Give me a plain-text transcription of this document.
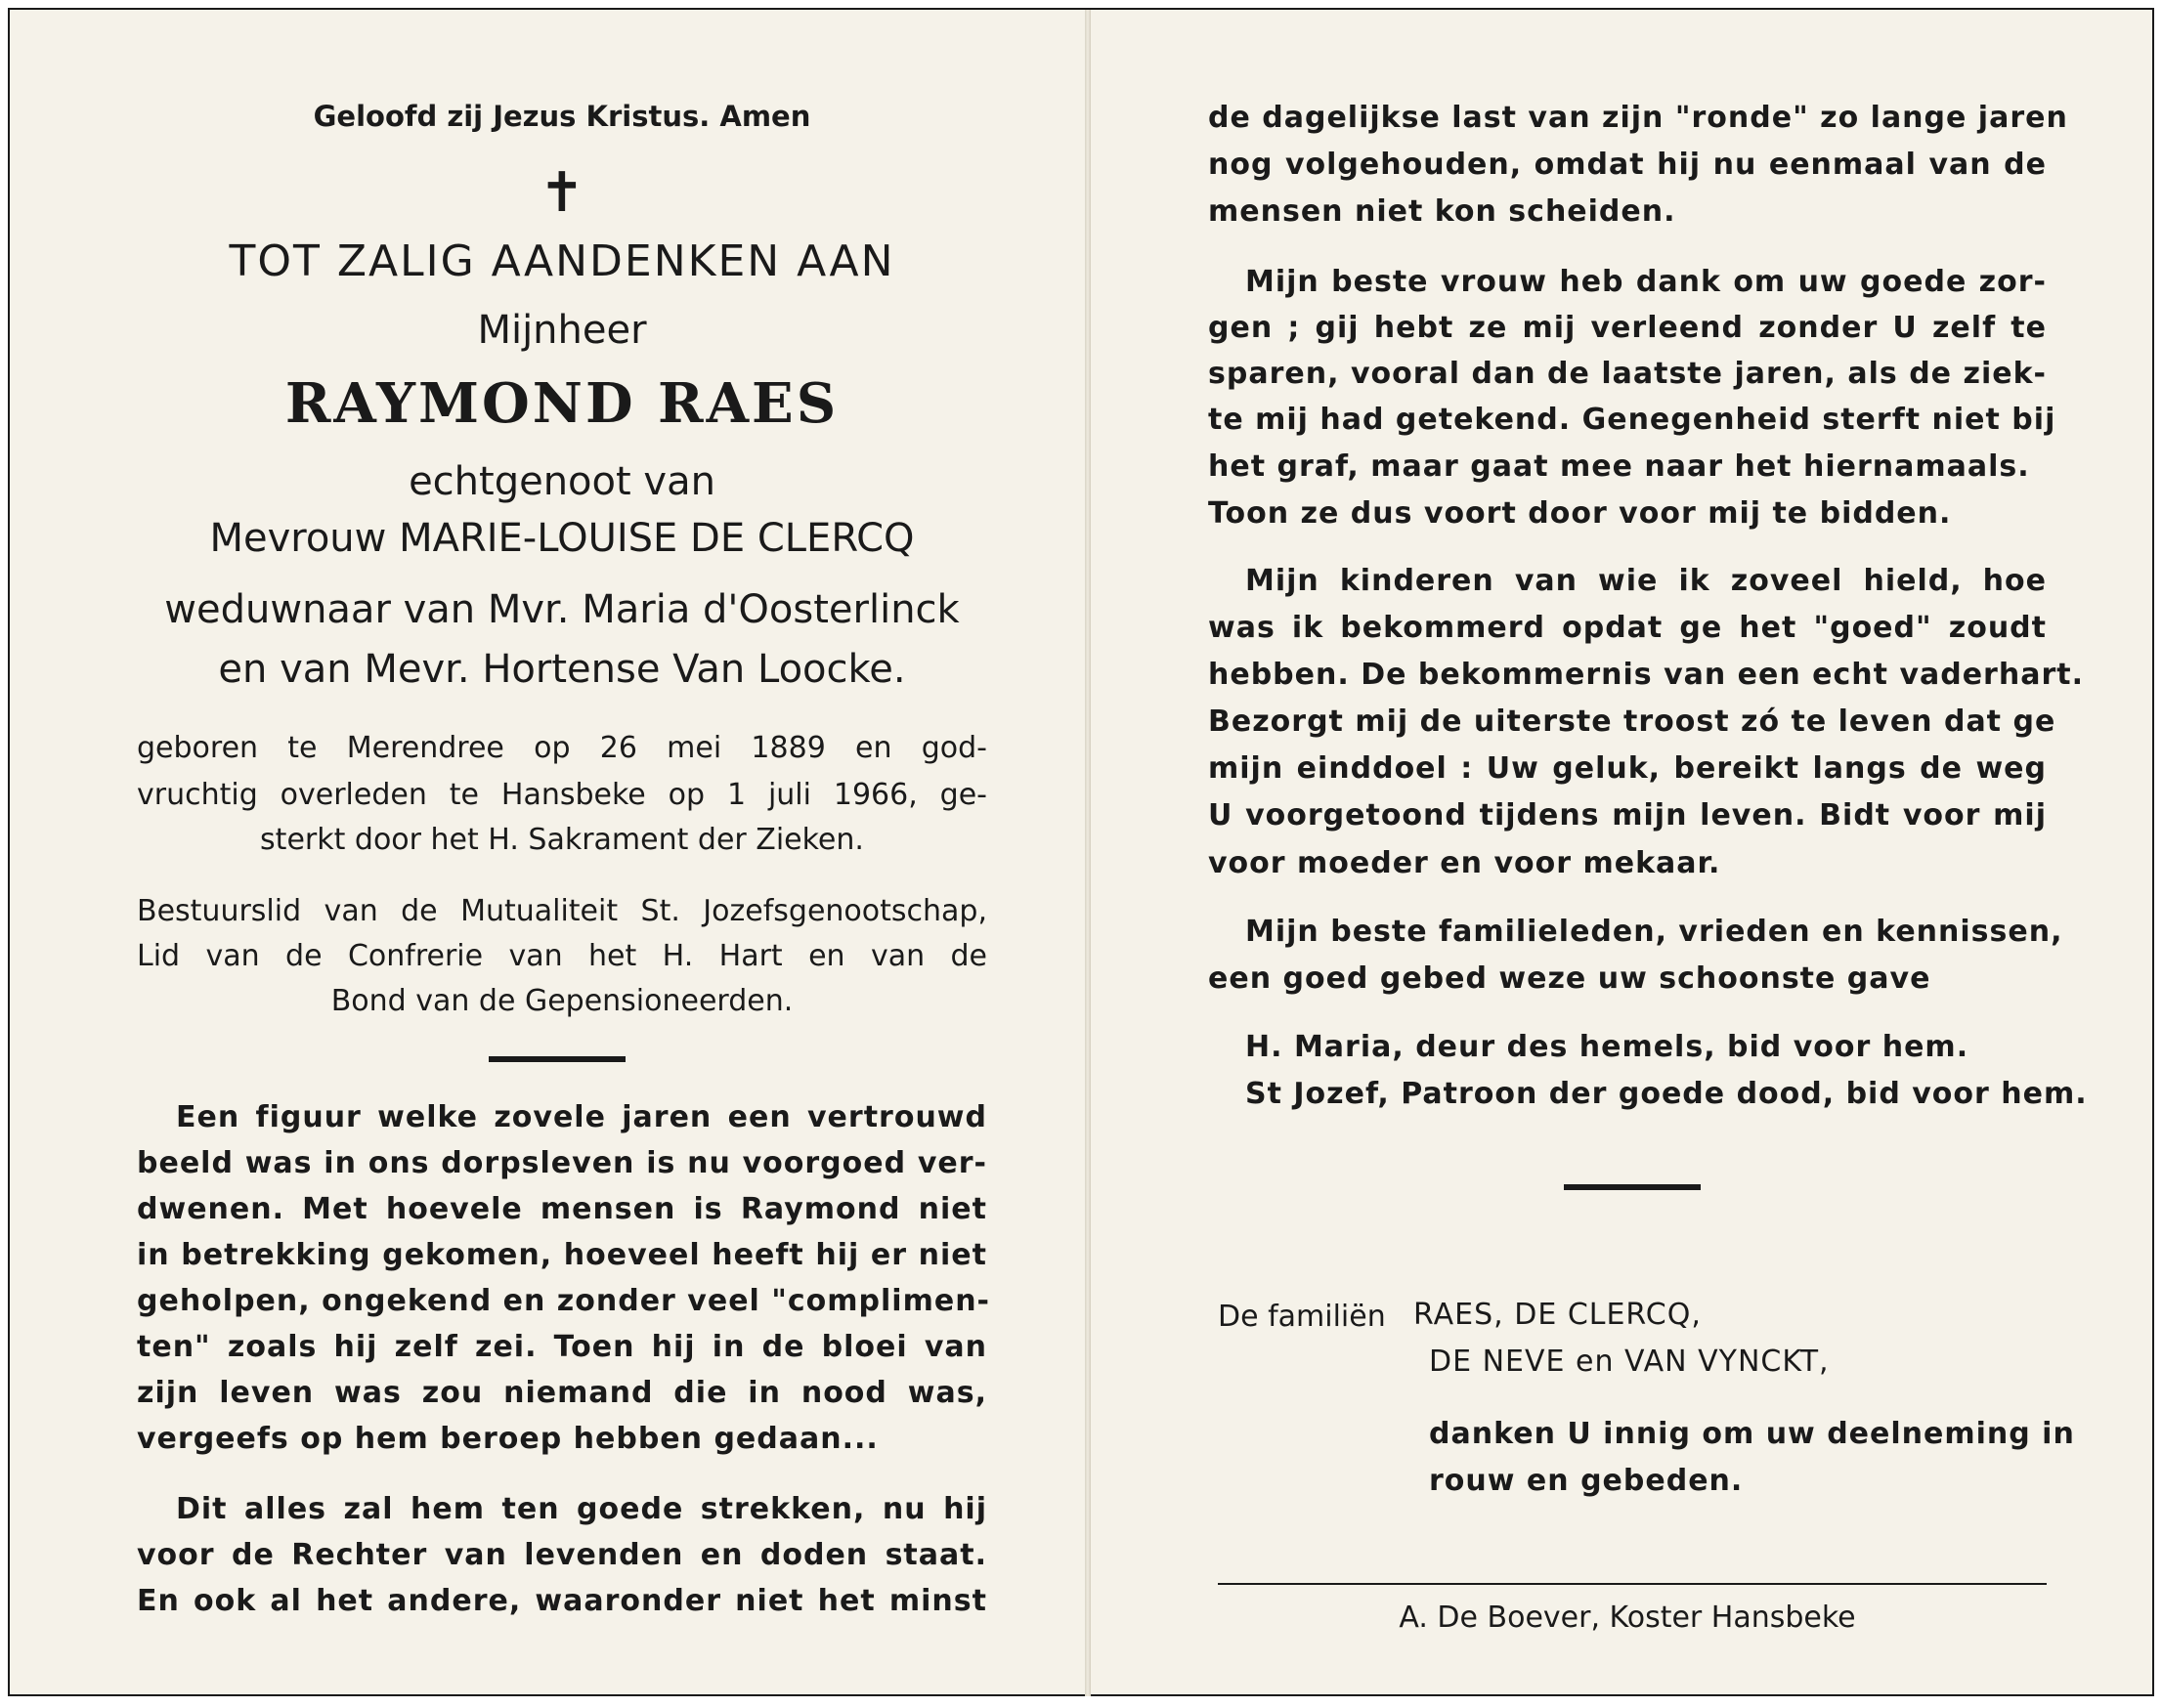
Geloofd zij Jezus Kristus. Amen
✝
TOT ZALIG AANDENKEN AAN
Mijnheer
RAYMOND RAES
echtgenoot van
Mevrouw MARIE-LOUISE DE CLERCQ
weduwnaar van Mvr. Maria d'Oosterlinck
en van Mevr. Hortense Van Loocke.
geboren te Merendree op 26 mei 1889 en god-
vruchtig overleden te Hansbeke op 1 juli 1966, ge-
sterkt door het H. Sakrament der Zieken.
Bestuurslid van de Mutualiteit St. Jozefsgenootschap,
Lid van de Confrerie van het H. Hart en van de
Bond van de Gepensioneerden.
Een figuur welke zovele jaren een vertrouwd
beeld was in ons dorpsleven is nu voorgoed ver-
dwenen. Met hoevele mensen is Raymond niet
in betrekking gekomen, hoeveel heeft hij er niet
geholpen, ongekend en zonder veel "complimen-
ten" zoals hij zelf zei. Toen hij in de bloei van
zijn leven was zou niemand die in nood was,
vergeefs op hem beroep hebben gedaan...
Dit alles zal hem ten goede strekken, nu hij
voor de Rechter van levenden en doden staat.
En ook al het andere, waaronder niet het minst
de dagelijkse last van zijn "ronde" zo lange jaren
nog volgehouden, omdat hij nu eenmaal van de
mensen niet kon scheiden.
Mijn beste vrouw heb dank om uw goede zor-
gen ; gij hebt ze mij verleend zonder U zelf te
sparen, vooral dan de laatste jaren, als de ziek-
te mij had getekend. Genegenheid sterft niet bij
het graf, maar gaat mee naar het hiernamaals.
Toon ze dus voort door voor mij te bidden.
Mijn kinderen van wie ik zoveel hield, hoe
was ik bekommerd opdat ge het "goed" zoudt
hebben. De bekommernis van een echt vaderhart.
Bezorgt mij de uiterste troost zó te leven dat ge
mijn einddoel : Uw geluk, bereikt langs de weg
U voorgetoond tijdens mijn leven. Bidt voor mij
voor moeder en voor mekaar.
Mijn beste familieleden, vrieden en kennissen,
een goed gebed weze uw schoonste gave
H. Maria, deur des hemels, bid voor hem.
St Jozef, Patroon der goede dood, bid voor hem.
De familiën RAES, DE CLERCQ,
DE NEVE en VAN VYNCKT,
danken U innig om uw deelneming in
rouw en gebeden.
A. De Boever, Koster Hansbeke
